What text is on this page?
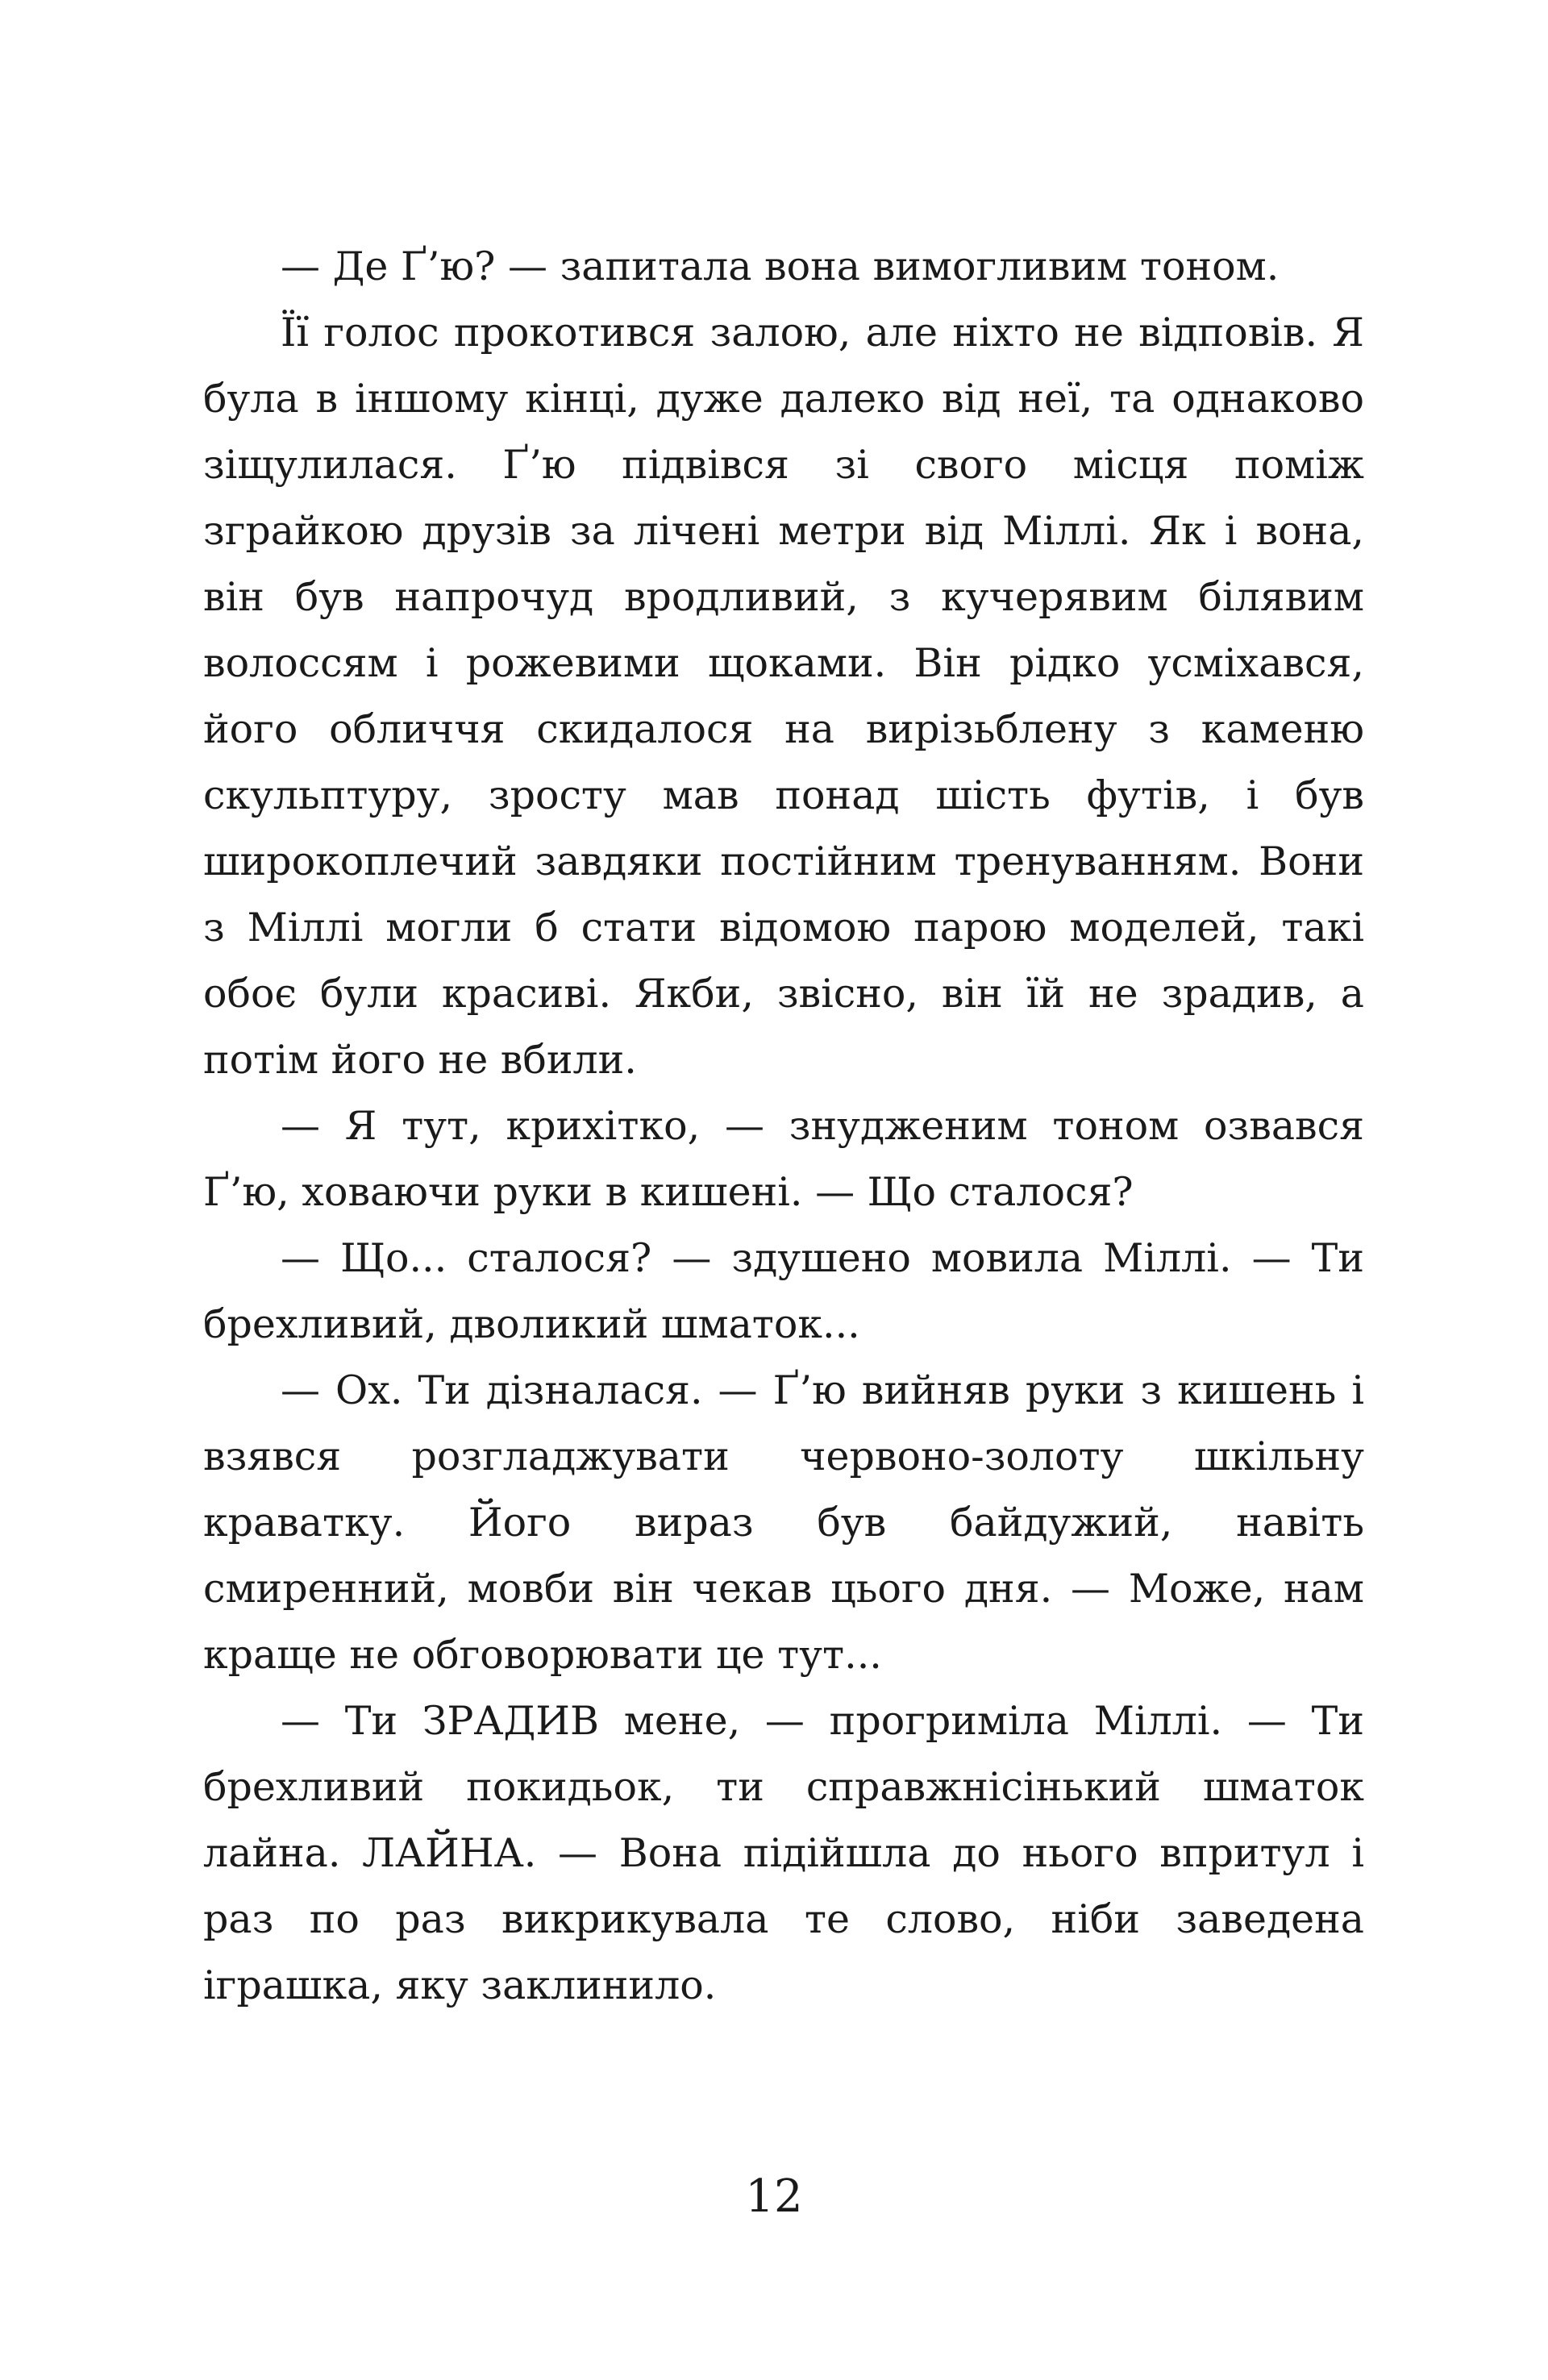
— Де Ґ’ю? — запитала вона вимогливим тоном.

Її голос прокотився залою, але ніхто не відповів. Я була в іншому кінці, дуже далеко від неї, та однаково зіщулилася. Ґ’ю підвівся зі свого місця поміж зграйкою друзів за лічені метри від Міллі. Як і вона, він був напрочуд вродливий, з кучерявим білявим волоссям і рожевими щоками. Він рідко усміхався, його обличчя скидалося на вирізьблену з каменю скульптуру, зросту мав понад шість футів, і був широкоплечий завдяки постійним тренуванням. Вони з Міллі могли б стати відомою парою моделей, такі обоє були красиві. Якби, звісно, він їй не зрадив, а потім його не вбили.

— Я тут, крихітко, — знудженим тоном озвався Ґ’ю, ховаючи руки в кишені. — Що сталося?

— Що... сталося? — здушено мовила Міллі. — Ти брехливий, дволикий шматок...

— Ох. Ти дізналася. — Ґ’ю вийняв руки з кишень і взявся розгладжувати червоно-золоту шкільну краватку. Його вираз був байдужий, навіть смиренний, мовби він чекав цього дня. — Може, нам краще не обговорювати це тут...

— Ти ЗРАДИВ мене, — прогриміла Міллі. — Ти брехливий покидьок, ти справжнісінький шматок лайна. ЛАЙНА. — Вона підійшла до нього впритул і раз по раз викрикувала те слово, ніби заведена іграшка, яку заклинило.

12
